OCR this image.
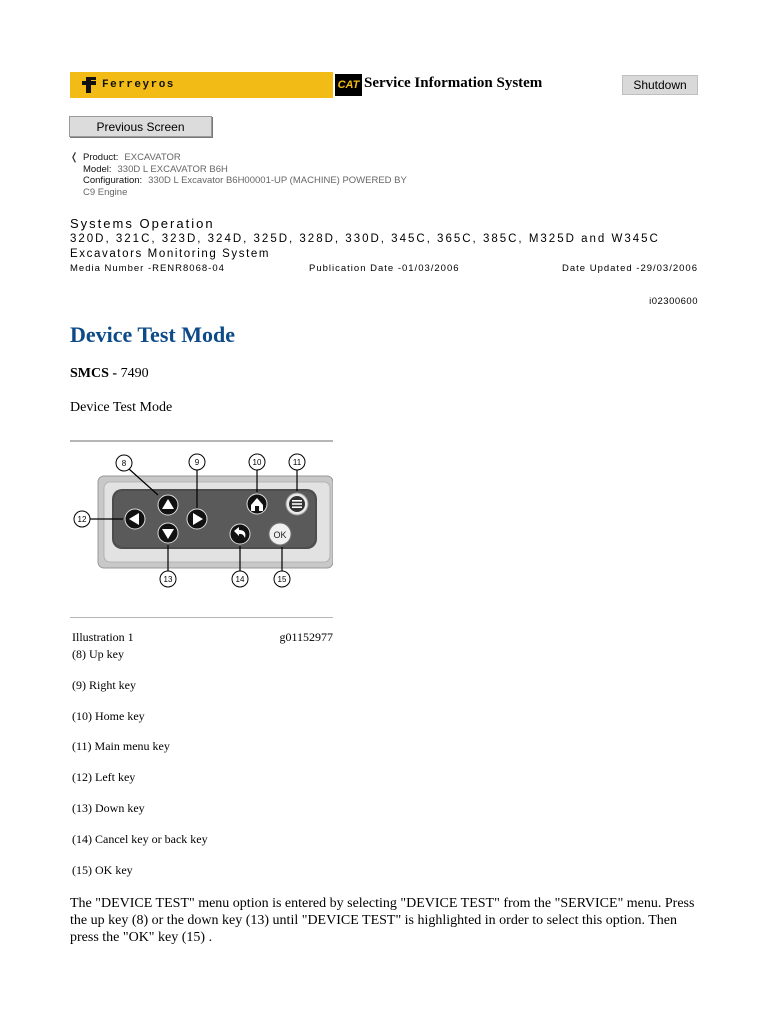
Ferreyros	CAT Service Information System	Shutdown
Previous Screen
❬ Product: EXCAVATOR
Model: 330D L EXCAVATOR B6H
Configuration: 330D L Excavator B6H00001-UP (MACHINE) POWERED BY
C9 Engine
Systems Operation
320D, 321C, 323D, 324D, 325D, 328D, 330D, 345C, 365C, 385C, M325D and W345C
Excavators Monitoring System
Media Number -RENR8068-04	Publication Date -01/03/2006	Date Updated -29/03/2006
i02300600
Device Test Mode
SMCS - 7490
Device Test Mode
OK
8	9	10	11
12
13	14	15
Illustration 1	g01152977
(8) Up key
(9) Right key
(10) Home key
(11) Main menu key
(12) Left key
(13) Down key
(14) Cancel key or back key
(15) OK key
The "DEVICE TEST" menu option is entered by selecting "DEVICE TEST" from the "SERVICE" menu. Press the up key (8) or the down key (13) until "DEVICE TEST" is highlighted in order to select this option. Then press the "OK" key (15) .
